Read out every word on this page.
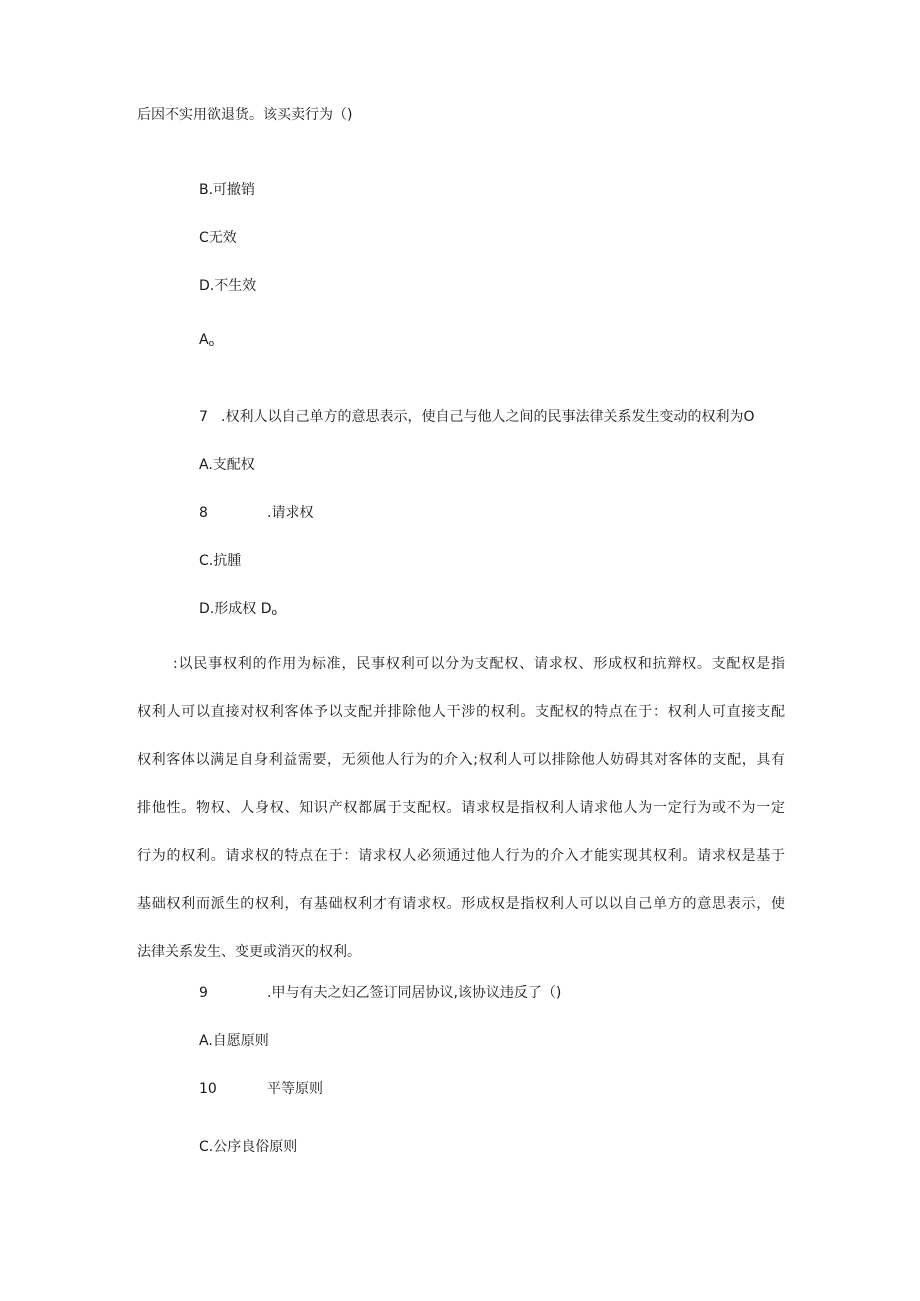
后因不实用欲退货。该买卖行为（)
B.可撤销
C无效
D.不生效
$A_o$
7 .权利人以自己单方的意思表示，使自己与他人之间的民事法律关系发生变动的权利为O
A.支配权
8	.请求权
C.抗腫
D.形成权 $D_o$
:以民事权利的作用为标准，民事权利可以分为支配权、请求权、形成权和抗辩权。支配权是指
权利人可以直接对权利客体予以支配并排除他人干涉的权利。支配权的特点在于：权利人可直接支配
权利客体以满足自身利益需要，无须他人行为的介入;权利人可以排除他人妨碍其对客体的支配，具有
排他性。物权、人身权、知识产权都属于支配权。请求权是指权利人请求他人为一定行为或不为一定
行为的权利。请求权的特点在于：请求权人必须通过他人行为的介入才能实现其权利。请求权是基于
基础权利而派生的权利，有基础权利才有请求权。形成权是指权利人可以以自己单方的意思表示，使
法律关系发生、变更或消灭的权利。
9	.甲与有夫之妇乙签订同居协议,该协议违反了（)
A.自愿原则
10	平等原则
C.公序良俗原则
